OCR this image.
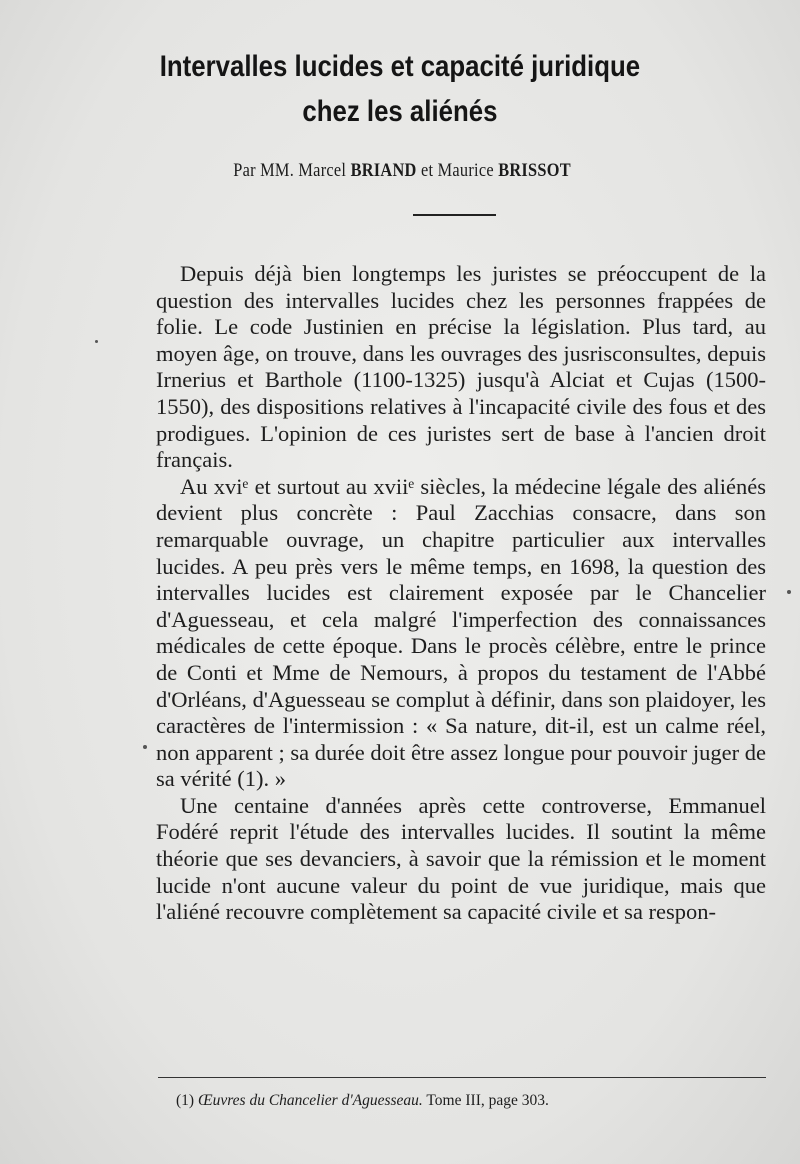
Intervalles lucides et capacité juridique
chez les aliénés
Par MM. Marcel BRIAND et Maurice BRISSOT

Depuis déjà bien longtemps les juristes se préoccupent de la question des intervalles lucides chez les personnes frappées de folie. Le code Justinien en précise la législation. Plus tard, au moyen âge, on trouve, dans les ouvrages des jusrisconsultes, depuis Irnerius et Barthole (1100-1325) jusqu'à Alciat et Cujas (1500-1550), des dispositions relatives à l'incapacité civile des fous et des prodigues. L'opinion de ces juristes sert de base à l'ancien droit français.

Au xviᵉ et surtout au xviiᵉ siècles, la médecine légale des aliénés devient plus concrète : Paul Zacchias consacre, dans son remarquable ouvrage, un chapitre particulier aux intervalles lucides. A peu près vers le même temps, en 1698, la question des intervalles lucides est clairement exposée par le Chancelier d'Aguesseau, et cela malgré l'imperfection des connaissances médicales de cette époque. Dans le procès célèbre, entre le prince de Conti et Mme de Nemours, à propos du testament de l'Abbé d'Orléans, d'Aguesseau se complut à définir, dans son plaidoyer, les caractères de l'intermission : « Sa nature, dit-il, est un calme réel, non apparent ; sa durée doit être assez longue pour pouvoir juger de sa vérité (1). »

Une centaine d'années après cette controverse, Emmanuel Fodéré reprit l'étude des intervalles lucides. Il soutint la même théorie que ses devanciers, à savoir que la rémission et le moment lucide n'ont aucune valeur du point de vue juridique, mais que l'aliéné recouvre complètement sa capacité civile et sa respon-

(1) Œuvres du Chancelier d'Aguesseau. Tome III, page 303.
